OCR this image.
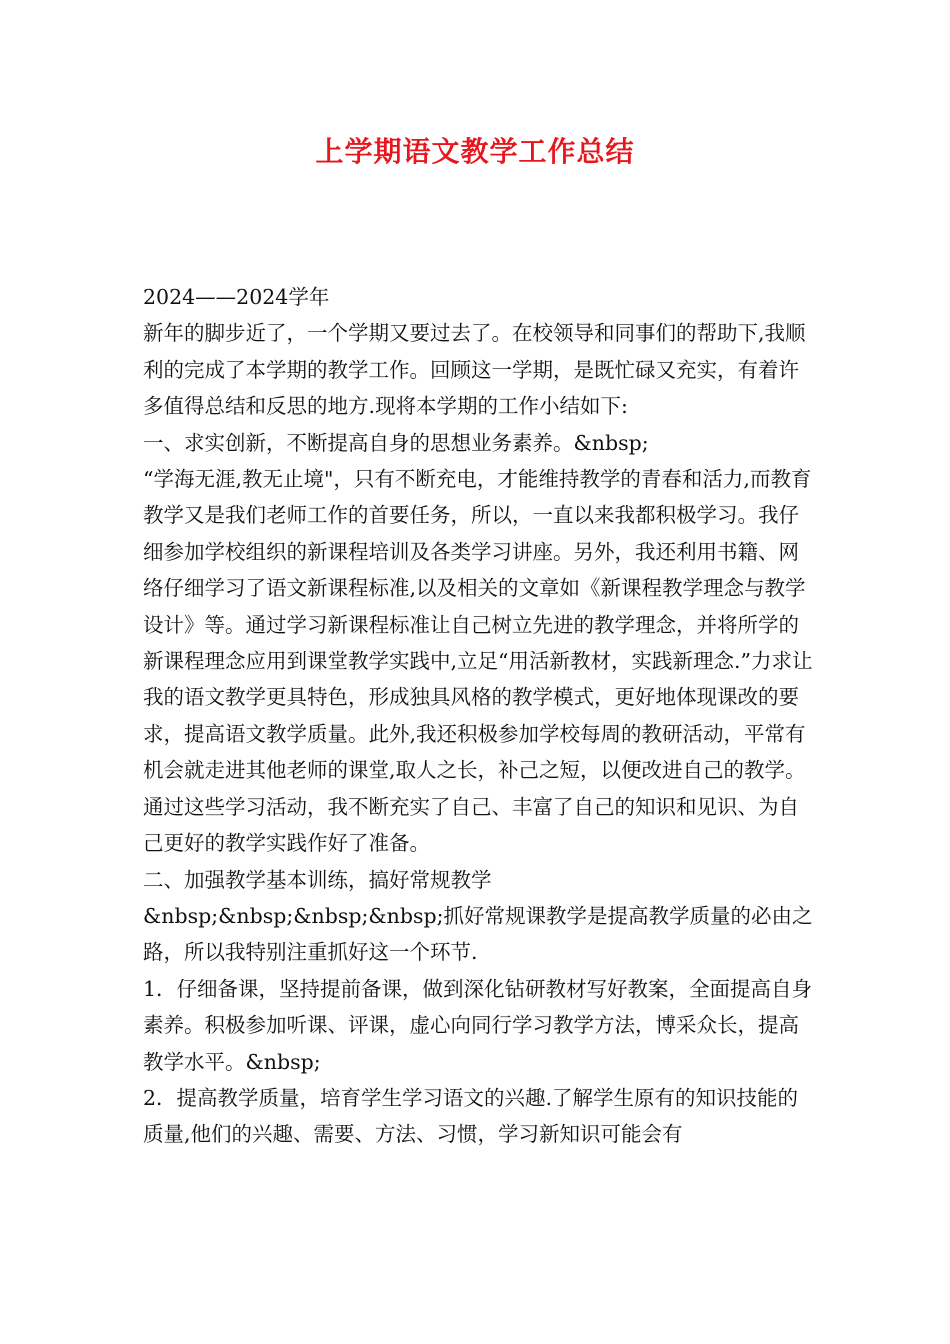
上学期语文教学工作总结

2024——2024学年

新年的脚步近了，一个学期又要过去了。在校领导和同事们的帮助下,我顺利的完成了本学期的教学工作。回顾这一学期，是既忙碌又充实，有着许多值得总结和反思的地方.现将本学期的工作小结如下:

一、求实创新，不断提高自身的思想业务素养。&nbsp;

“学海无涯,教无止境"，只有不断充电，才能维持教学的青春和活力,而教育教学又是我们老师工作的首要任务，所以，一直以来我都积极学习。我仔细参加学校组织的新课程培训及各类学习讲座。另外，我还利用书籍、网络仔细学习了语文新课程标准,以及相关的文章如《新课程教学理念与教学设计》等。通过学习新课程标准让自己树立先进的教学理念，并将所学的新课程理念应用到课堂教学实践中,立足“用活新教材，实践新理念.”力求让我的语文教学更具特色，形成独具风格的教学模式，更好地体现课改的要求，提高语文教学质量。此外,我还积极参加学校每周的教研活动，平常有机会就走进其他老师的课堂,取人之长，补己之短，以便改进自己的教学。通过这些学习活动，我不断充实了自己、丰富了自己的知识和见识、为自己更好的教学实践作好了准备。

二、加强教学基本训练，搞好常规教学

&nbsp;&nbsp;&nbsp;&nbsp;抓好常规课教学是提高教学质量的必由之路，所以我特别注重抓好这一个环节.

1．仔细备课，坚持提前备课，做到深化钻研教材写好教案，全面提高自身素养。积极参加听课、评课，虚心向同行学习教学方法，博采众长，提高教学水平。&nbsp;

2．提高教学质量，培育学生学习语文的兴趣.了解学生原有的知识技能的质量,他们的兴趣、需要、方法、习惯，学习新知识可能会有
